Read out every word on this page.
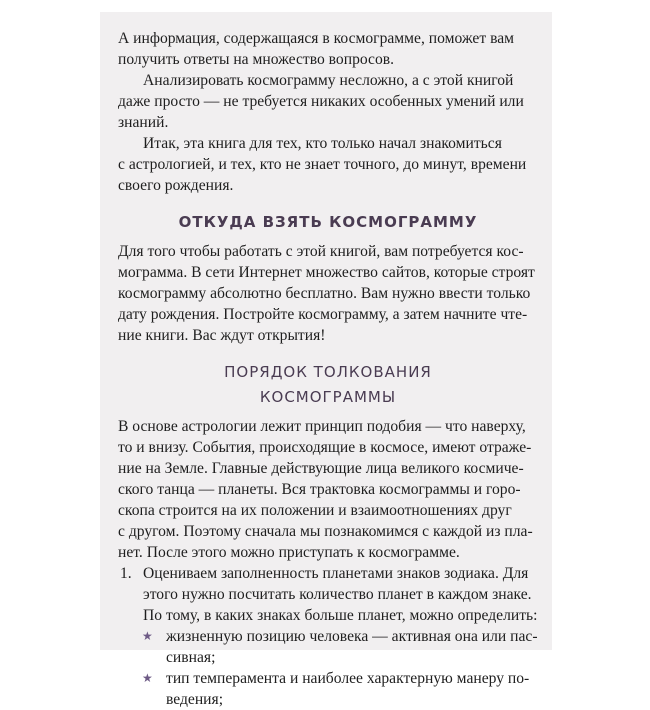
А информация, содержащаяся в космограмме, поможет вам
получить ответы на множество вопросов.
Анализировать космограмму несложно, а с этой книгой
даже просто — не требуется никаких особенных умений или
знаний.
Итак, эта книга для тех, кто только начал знакомиться
с астрологией, и тех, кто не знает точного, до минут, времени
своего рождения.
ОТКУДА ВЗЯТЬ КОСМОГРАММУ
Для того чтобы работать с этой книгой, вам потребуется кос-
мограмма. В сети Интернет множество сайтов, которые строят
космограмму абсолютно бесплатно. Вам нужно ввести только
дату рождения. Постройте космограмму, а затем начните чте-
ние книги. Вас ждут открытия!
ПОРЯДОК ТОЛКОВАНИЯ
КОСМОГРАММЫ
В основе астрологии лежит принцип подобия — что наверху,
то и внизу. События, происходящие в космосе, имеют отраже-
ние на Земле. Главные действующие лица великого космиче-
ского танца — планеты. Вся трактовка космограммы и горо-
скопа строится на их положении и взаимоотношениях друг
с другом. Поэтому сначала мы познакомимся с каждой из пла-
нет. После этого можно приступать к космограмме.
1. Оцениваем заполненность планетами знаков зодиака. Для
этого нужно посчитать количество планет в каждом знаке.
По тому, в каких знаках больше планет, можно определить:
★ жизненную позицию человека — активная она или пас-
сивная;
★ тип темперамента и наиболее характерную манеру по-
ведения;
